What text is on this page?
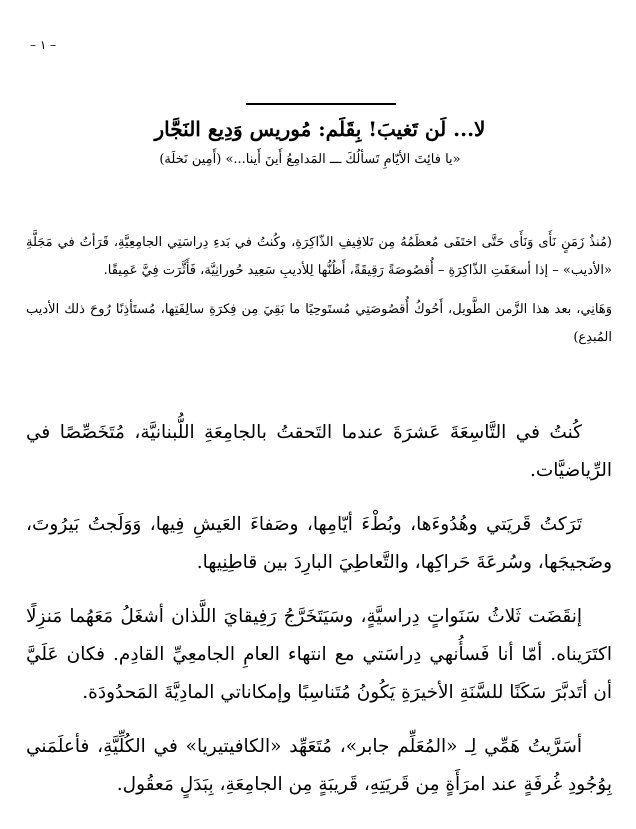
– ١ –
لا... لَن تَغيبَ! بِقَلَم: مُوريس وَدِيع النَجَّار
«يا فائِتَ الأيّامِ تَسألُكَ ـــ المَدامِعُ أَينَ أَينا...» (أَمِين نَخلَة)

(مُنذُ زَمَنٍ نَأَى وَنَأَى حَتَّى اختَفَى مُعظَمُهُ مِن تَلافِيفِ الذّاكِرَةِ، وكُنتُ في بَدءِ دِراسَتِي الجامِعِيَّةِ، قَرَأتُ في مَجَلَّةِ «الأديب» – إذا أسعَفَتِ الذّاكِرَةِ – أُقصُوصَةً رَقِيقَةً، أَظُنُّها لِلأديبِ سَعِيد حُورانِيَّة، فَأَثَّرَت فِيَّ عَمِيقًا.

وَهَانِي، بعد هذا الزَّمن الطَّويل، أَحُوكُ أُقصُوصَتِي مُستَوحِيًا ما بَقِيَ مِن فِكرَةِ سالِفَتِها، مُستَأذِنًا رُوحَ ذلك الأديب المُبدِع)

كُنتُ في التَّاسِعَةَ عَشرَةَ عندما التَحقتُ بالجامِعَةِ اللُّبنانيَّة، مُتَخَصِّصًا في الرِّياضيَّات.

تَرَكتُ قَريَتي وهُدُوءَها، وبُطْءَ أيّامِها، وصَفاءَ العَيشِ فِيها، وَوَلَجتُ بَيرُوتَ، وضَجيجَها، وسُرعَةَ حَراكِها، والتَّعاطِيَ البارِدَ بين قاطِنِيها.

إنقَضَت ثَلاثُ سَنَواتٍ دِراسيَّةٍ، وسَيَتَخَرَّجُ رَفِيقايَ اللَّذان أشغَلُ مَعَهُما مَنزِلًا اكتَرَيناه. أمّا أنا فَسأُنهي دِراسَتي مع انتهاء العامِ الجامعِيِّ القادِم. فكان عَلَيَّ أن أتَدبَّرَ سَكَنًا للسَّنَةِ الأخيرَةِ يَكُونُ مُتَناسِبًا وإمكاناتي المادِيَّةَ المَحدُودَة.

أسَرَّيتُ هَمِّي لِـ «المُعَلِّم جابر»، مُتَعَهِّد «الكافيتيريا» في الكُلِّيَّةِ، فأعلَمَني بِوُجُودِ غُرفَةٍ عند امرَأَةٍ مِن قَريَتِهِ، قَريبَةٍ مِن الجامِعَةِ، بِبَدَلٍ مَعقُول.
